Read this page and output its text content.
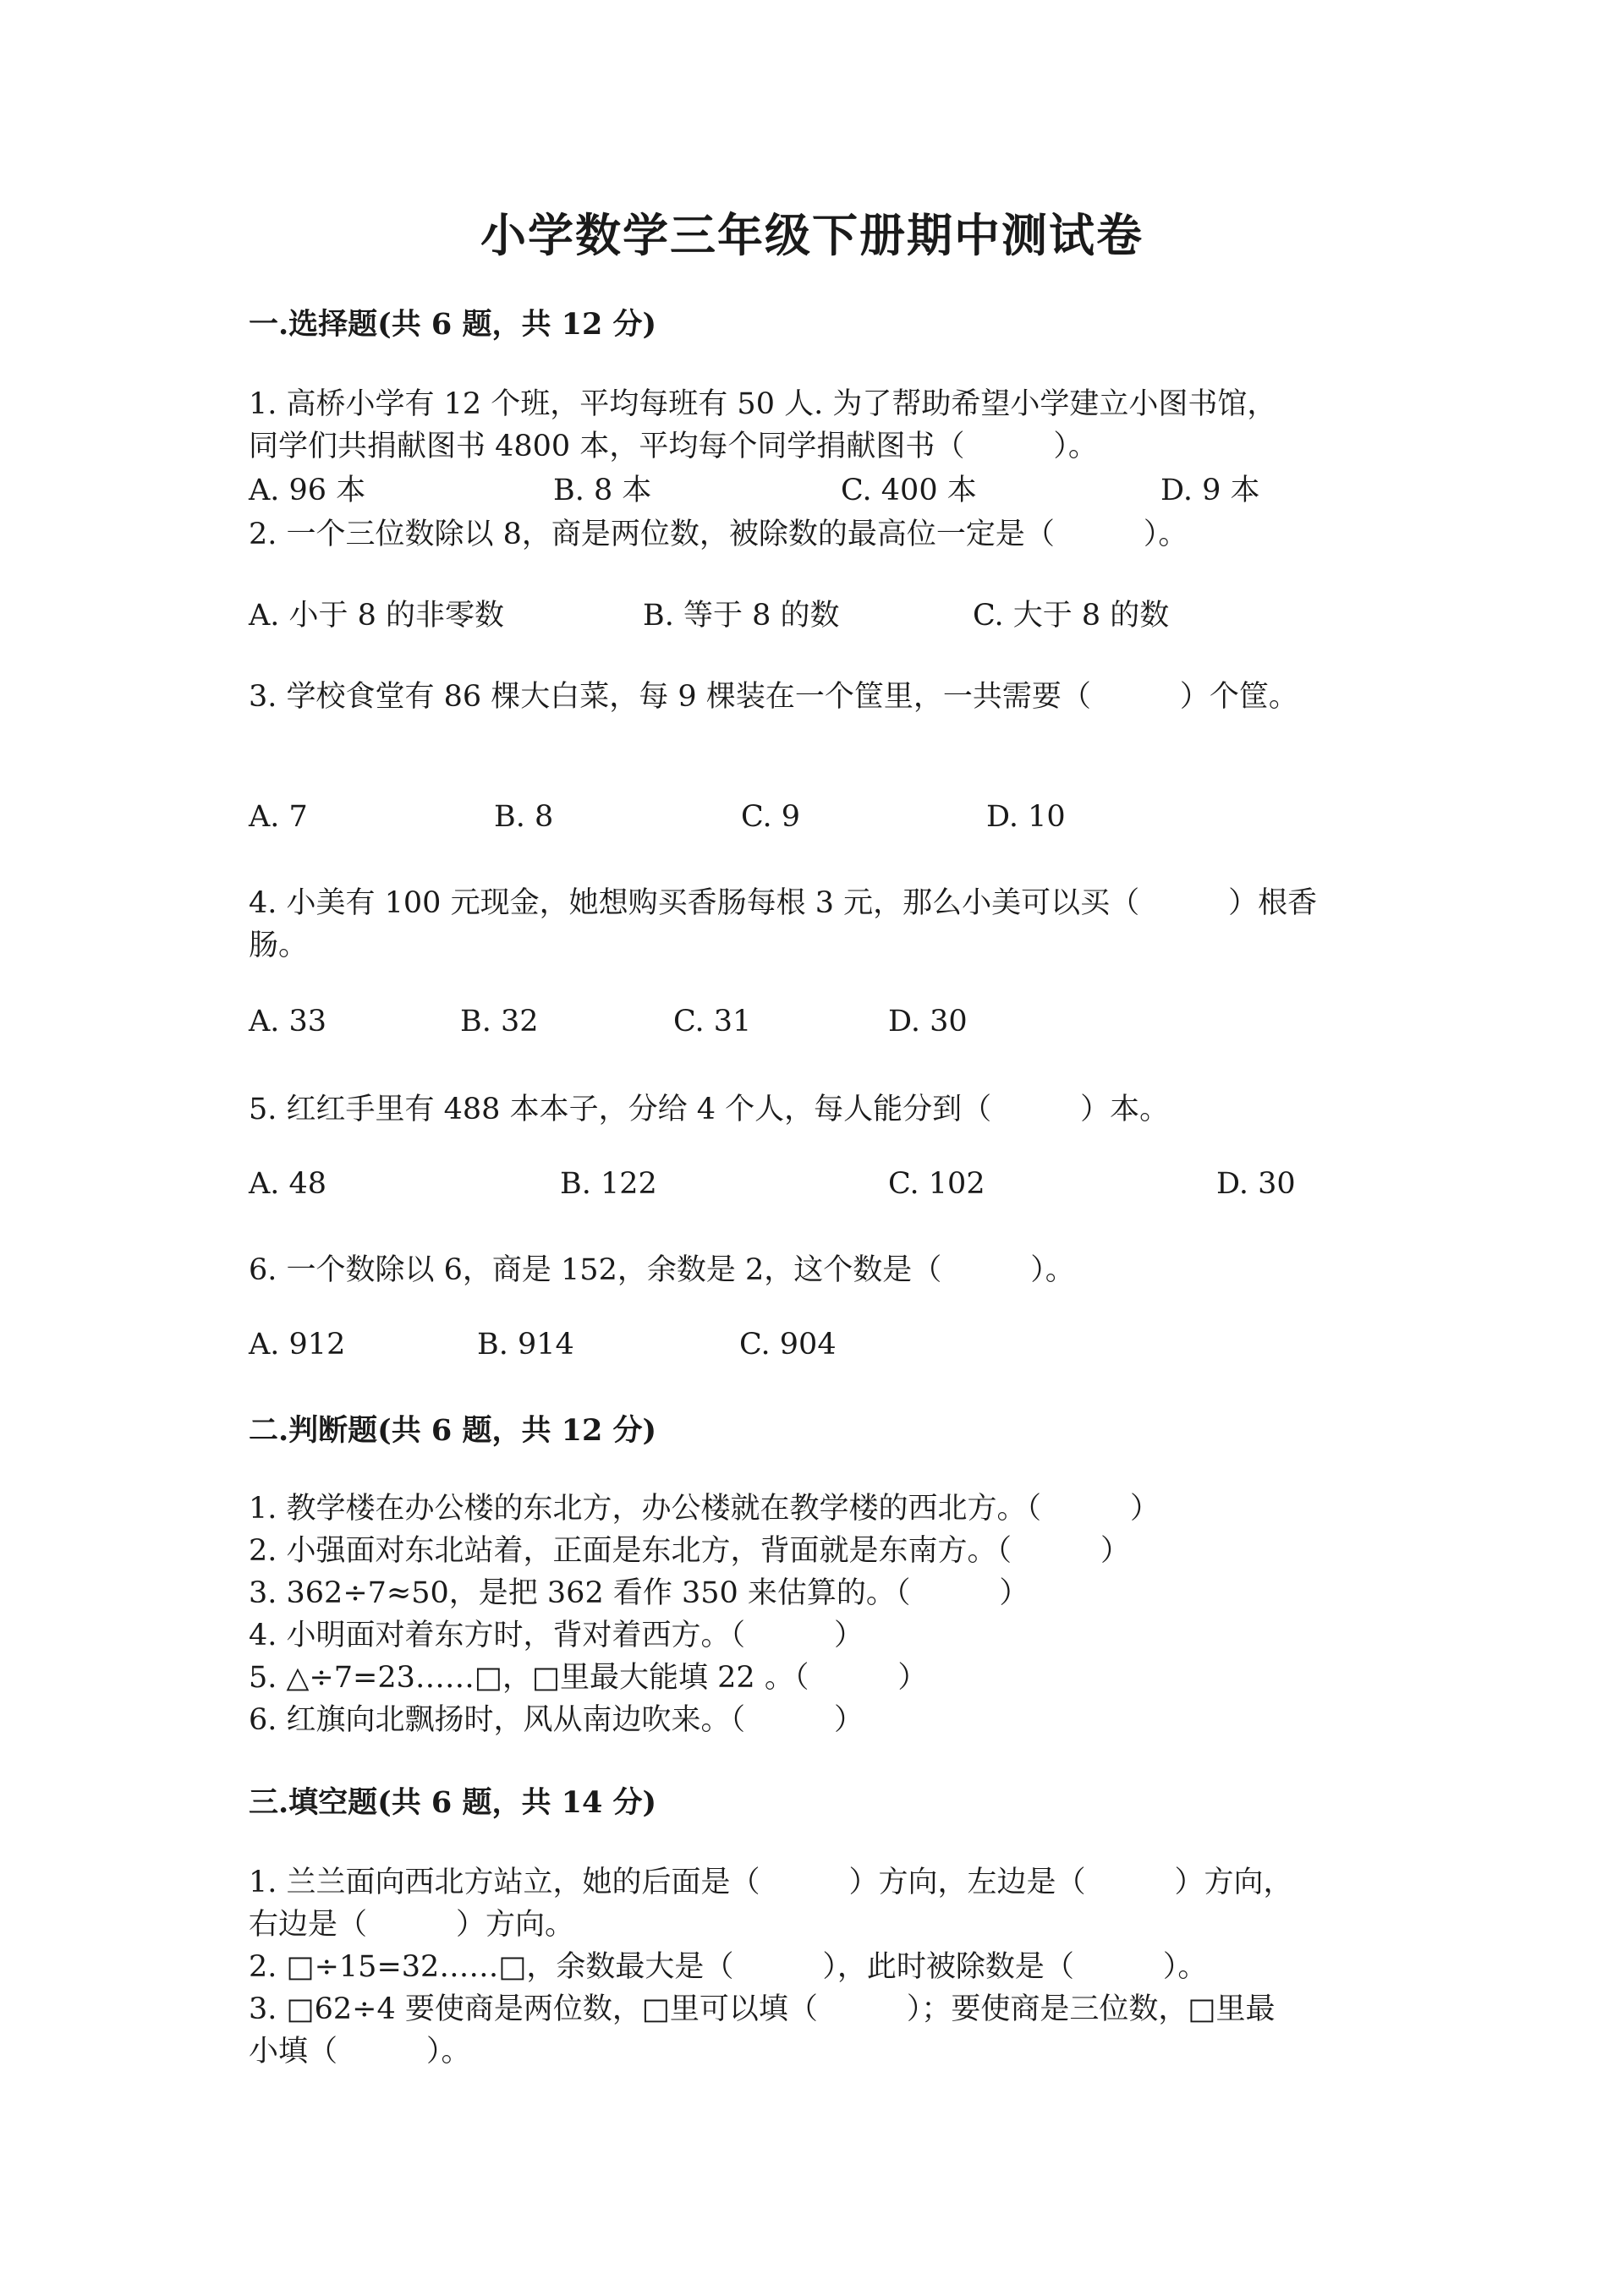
小学数学三年级下册期中测试卷
一.选择题(共 6 题，共 12 分)
1. 高桥小学有 12 个班，平均每班有 50 人. 为了帮助希望小学建立小图书馆，
同学们共捐献图书 4800 本，平均每个同学捐献图书（　　　）。
A. 96 本	B. 8 本	C. 400 本	D. 9 本
2. 一个三位数除以 8，商是两位数，被除数的最高位一定是（　　　）。
A. 小于 8 的非零数	B. 等于 8 的数	C. 大于 8 的数
3. 学校食堂有 86 棵大白菜，每 9 棵装在一个筐里，一共需要（　　　）个筐。
A. 7	B. 8	C. 9	D. 10
4. 小美有 100 元现金，她想购买香肠每根 3 元，那么小美可以买（　　　）根香
肠。
A. 33	B. 32	C. 31	D. 30
5. 红红手里有 488 本本子，分给 4 个人，每人能分到（　　　）本。
A. 48	B. 122	C. 102	D. 30
6. 一个数除以 6，商是 152，余数是 2，这个数是（　　　）。
A. 912	B. 914	C. 904
二.判断题(共 6 题，共 12 分)
1. 教学楼在办公楼的东北方，办公楼就在教学楼的西北方。（　　　）
2. 小强面对东北站着，正面是东北方，背面就是东南方。（　　　）
3. 362÷7≈50，是把 362 看作 350 来估算的。（　　　）
4. 小明面对着东方时，背对着西方。（　　　）
5. △÷7=23……□，□里最大能填 22 。（　　　）
6. 红旗向北飘扬时，风从南边吹来。（　　　）
三.填空题(共 6 题，共 14 分)
1. 兰兰面向西北方站立，她的后面是（　　　）方向，左边是（　　　）方向，
右边是（　　　）方向。
2. □÷15=32……□，余数最大是（　　　），此时被除数是（　　　）。
3. □62÷4 要使商是两位数，□里可以填（　　　）；要使商是三位数，□里最
小填（　　　）。
